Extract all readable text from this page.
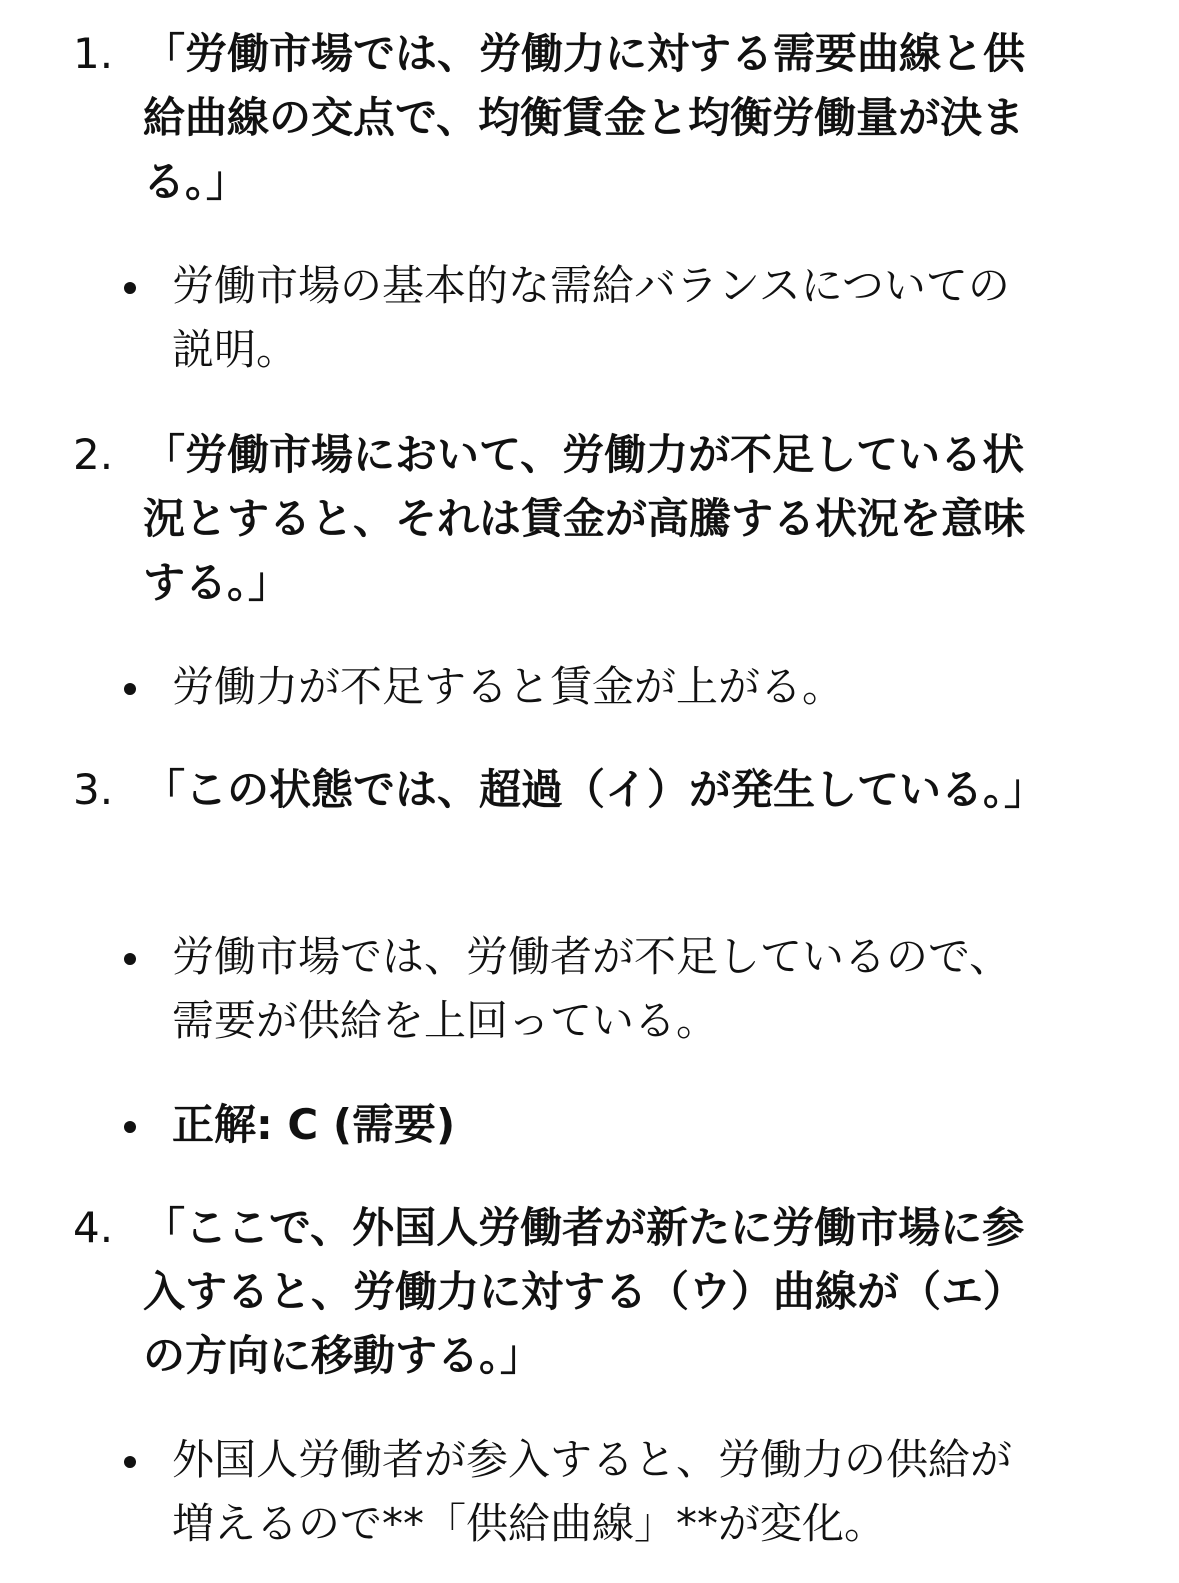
1. 「労働市場では、労働力に対する需要曲線と供給曲線の交点で、均衡賃金と均衡労働量が決まる。」
労働市場の基本的な需給バランスについての説明。
2. 「労働市場において、労働力が不足している状況とすると、それは賃金が高騰する状況を意味する。」
労働力が不足すると賃金が上がる。
3. 「この状態では、超過（イ）が発生している。」
労働市場では、労働者が不足しているので、需要が供給を上回っている。
正解: C (需要)
4. 「ここで、外国人労働者が新たに労働市場に参入すると、労働力に対する（ウ）曲線が（エ）の方向に移動する。」
外国人労働者が参入すると、労働力の供給が増えるので**「供給曲線」**が変化。
